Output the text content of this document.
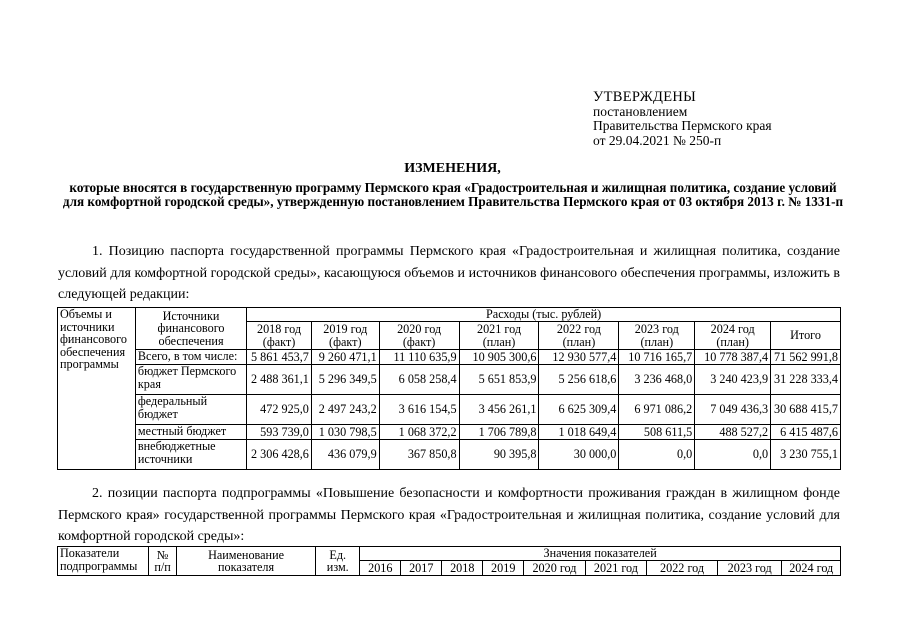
УТВЕРЖДЕНЫ
постановлением
Правительства Пермского края
от 29.04.2021 № 250-п
ИЗМЕНЕНИЯ,
которые вносятся в государственную программу Пермского края «Градостроительная и жилищная политика, создание условий для комфортной городской среды», утвержденную постановлением Правительства Пермского края от 03 октября 2013 г. № 1331-п

1. Позицию паспорта государственной программы Пермского края «Градостроительная и жилищная политика, создание условий для комфортной городской среды», касающуюся объемов и источников финансового обеспечения программы, изложить в следующей редакции:

Объемы и источники финансового обеспечения программы	Источники финансового обеспечения	Расходы (тыс. рублей)							
		2018 год (факт)	2019 год (факт)	2020 год (факт)	2021 год (план)	2022 год (план)	2023 год (план)	2024 год (план)	Итого
	Всего, в том числе:	5 861 453,7	9 260 471,1	11 110 635,9	10 905 300,6	12 930 577,4	10 716 165,7	10 778 387,4	71 562 991,8
	бюджет Пермского края	2 488 361,1	5 296 349,5	6 058 258,4	5 651 853,9	5 256 618,6	3 236 468,0	3 240 423,9	31 228 333,4
	федеральный бюджет	472 925,0	2 497 243,2	3 616 154,5	3 456 261,1	6 625 309,4	6 971 086,2	7 049 436,3	30 688 415,7
	местный бюджет	593 739,0	1 030 798,5	1 068 372,2	1 706 789,8	1 018 649,4	508 611,5	488 527,2	6 415 487,6
	внебюджетные источники	2 306 428,6	436 079,9	367 850,8	90 395,8	30 000,0	0,0	0,0	3 230 755,1

2. позиции паспорта подпрограммы «Повышение безопасности и комфортности проживания граждан в жилищном фонде Пермского края» государственной программы Пермского края «Градостроительная и жилищная политика, создание условий для комфортной городской среды»:

Показатели подпрограммы	№ п/п	Наименование показателя	Ед. изм.	Значения показателей								
				2016	2017	2018	2019	2020 год	2021 год	2022 год	2023 год	2024 год
